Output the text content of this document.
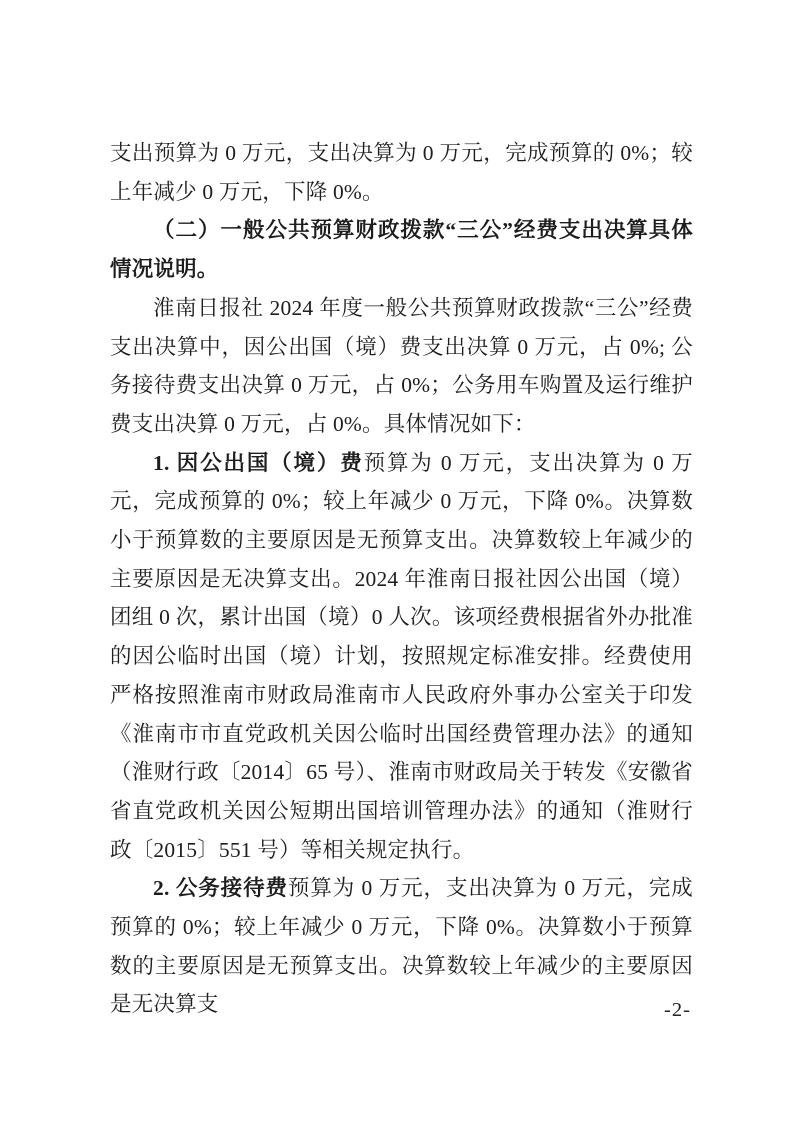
支出预算为 0 万元，支出决算为 0 万元，完成预算的 0%；较上年减少 0 万元，下降 0%。

（二）一般公共预算财政拨款“三公”经费支出决算具体情况说明。

淮南日报社 2024 年度一般公共预算财政拨款“三公”经费支出决算中，因公出国（境）费支出决算 0 万元，占 0%; 公务接待费支出决算 0 万元，占 0%；公务用车购置及运行维护费支出决算 0 万元，占 0%。具体情况如下：

1. 因公出国（境）费预算为 0 万元，支出决算为 0 万元，完成预算的 0%；较上年减少 0 万元，下降 0%。决算数小于预算数的主要原因是无预算支出。决算数较上年减少的主要原因是无决算支出。2024 年淮南日报社因公出国（境）团组 0 次，累计出国（境）0 人次。该项经费根据省外办批准的因公临时出国（境）计划，按照规定标准安排。经费使用严格按照淮南市财政局淮南市人民政府外事办公室关于印发《淮南市市直党政机关因公临时出国经费管理办法》的通知（淮财行政〔2014〕65 号）、淮南市财政局关于转发《安徽省省直党政机关因公短期出国培训管理办法》的通知（淮财行政〔2015〕551 号）等相关规定执行。

2. 公务接待费预算为 0 万元，支出决算为 0 万元，完成预算的 0%；较上年减少 0 万元，下降 0%。决算数小于预算数的主要原因是无预算支出。决算数较上年减少的主要原因是无决算支	-2-
